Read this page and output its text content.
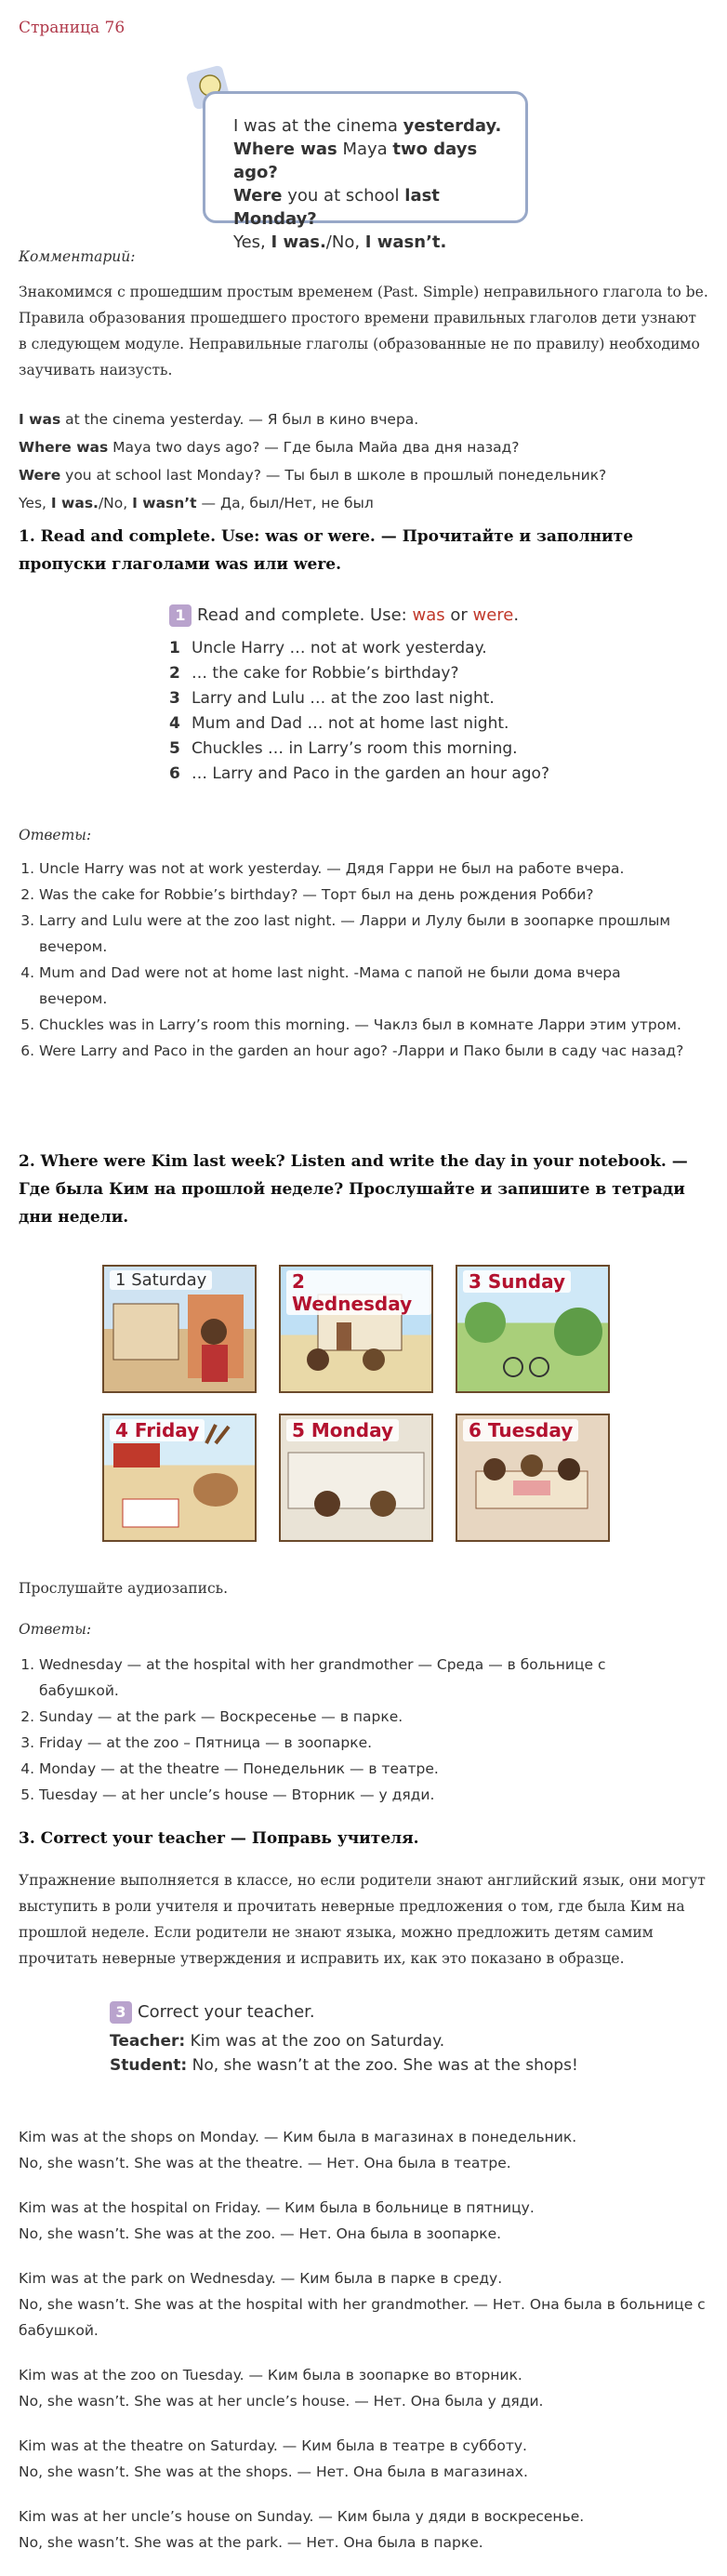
Страница 76
I was at the cinema yesterday.
Where was Maya two days ago?
Were you at school last Monday?
Yes, I was./No, I wasn’t.
Комментарий:
Знакомимся с прошедшим простым временем (Past. Simple) неправильного глагола to be. Правила образования прошедшего простого времени правильных глаголов дети узнают в следующем модуле. Неправильные глаголы (образованные не по правилу) необходимо заучивать наизусть.
I was at the cinema yesterday. — Я был в кино вчера.
Where was Maya two days ago? — Где была Майа два дня назад?
Were you at school last Monday? — Ты был в школе в прошлый понедельник?
Yes, I was./No, I wasn’t — Да, был/Нет, не был
1. Read and complete. Use: was or were. — Прочитайте и заполните пропуски глаголами was или were.
1 Read and complete. Use: was or were.
1 Uncle Harry … not at work yesterday.
2 … the cake for Robbie’s birthday?
3 Larry and Lulu … at the zoo last night.
4 Mum and Dad … not at home last night.
5 Chuckles … in Larry’s room this morning.
6 … Larry and Paco in the garden an hour ago?
Ответы:
1. Uncle Harry was not at work yesterday. — Дядя Гарри не был на работе вчера.
2. Was the cake for Robbie’s birthday? — Торт был на день рождения Робби?
3. Larry and Lulu were at the zoo last night. — Ларри и Лулу были в зоопарке прошлым вечером.
4. Mum and Dad were not at home last night. -Мама с папой не были дома вчера вечером.
5. Chuckles was in Larry’s room this morning. — Чаклз был в комнате Ларри этим утром.
6. Were Larry and Paco in the garden an hour ago? -Ларри и Пако были в саду час назад?
2. Where were Kim last week? Listen and write the day in your notebook. — Где была Ким на прошлой неделе? Прослушайте и запишите в тетради дни недели.
1 Saturday	2 Wednesday
3 Sunday
4 Friday	5 Monday	6 Tuesday
Прослушайте аудиозапись.
Ответы:
1. Wednesday — at the hospital with her grandmother — Среда — в больнице с бабушкой.
2. Sunday — at the park — Воскресенье — в парке.
3. Friday — at the zoo – Пятница — в зоопарке.
4. Monday — at the theatre — Понедельник — в театре.
5. Tuesday — at her uncle’s house — Вторник — у дяди.
3. Correct your teacher — Поправь учителя.
Упражнение выполняется в классе, но если родители знают английский язык, они могут выступить в роли учителя и прочитать неверные предложения о том, где была Ким на прошлой неделе. Если родители не знают языка, можно предложить детям самим прочитать неверные утверждения и исправить их, как это показано в образце.
3 Correct your teacher.
Teacher: Kim was at the zoo on Saturday.
Student: No, she wasn’t at the zoo. She was at the shops!
Kim was at the shops on Monday. — Ким была в магазинах в понедельник.
No, she wasn’t. She was at the theatre. — Нет. Она была в театре.
Kim was at the hospital on Friday. — Ким была в больнице в пятницу.
No, she wasn’t. She was at the zoo. — Нет. Она была в зоопарке.
Kim was at the park on Wednesday. — Ким была в парке в среду.
No, she wasn’t. She was at the hospital with her grandmother. — Нет. Она была в больнице с бабушкой.
Kim was at the zoo on Tuesday. — Ким была в зоопарке во вторник.
No, she wasn’t. She was at her uncle’s house. — Нет. Она была у дяди.
Kim was at the theatre on Saturday. — Ким была в театре в субботу.
No, she wasn’t. She was at the shops. — Нет. Она была в магазинах.
Kim was at her uncle’s house on Sunday. — Ким была у дяди в воскресенье.
No, she wasn’t. She was at the park. — Нет. Она была в парке.
